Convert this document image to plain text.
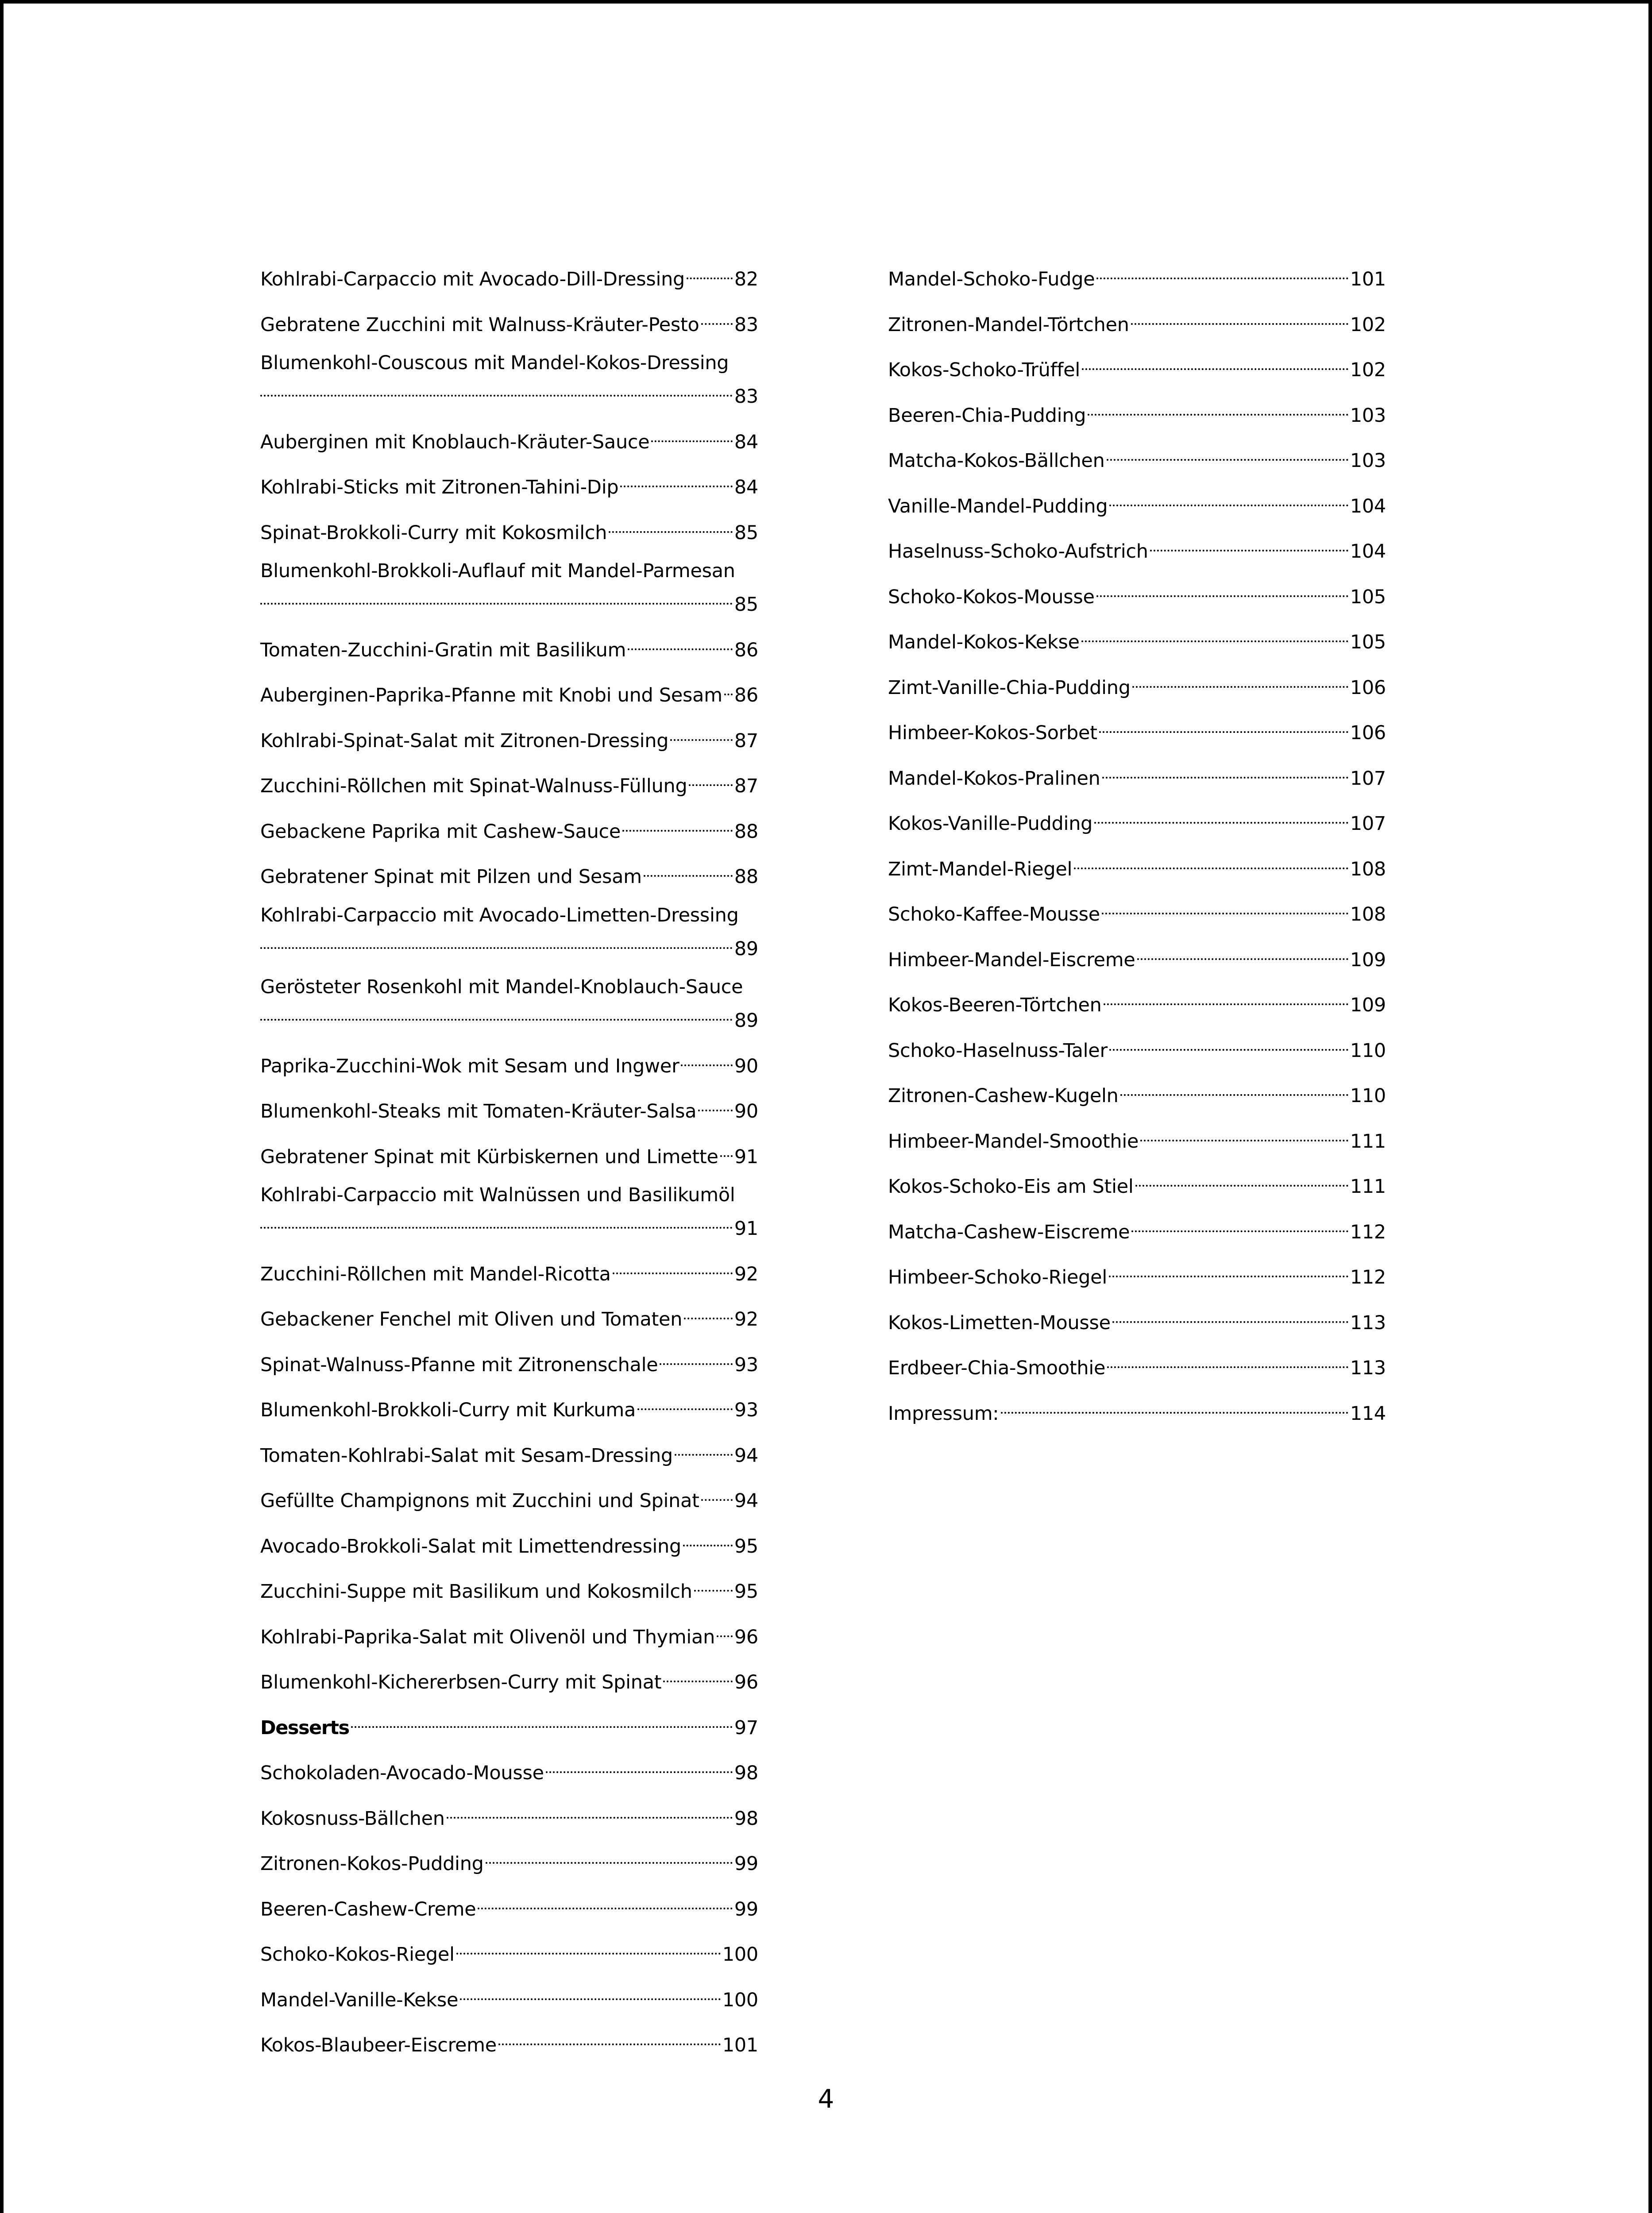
Kohlrabi-Carpaccio mit Avocado-Dill-Dressing	82
Gebratene Zucchini mit Walnuss-Kräuter-Pesto 83
Blumenkohl-Couscous mit Mandel-Kokos-Dressing
83
Auberginen mit Knoblauch-Kräuter-Sauce	84
Kohlrabi-Sticks mit Zitronen-Tahini-Dip	84
Spinat-Brokkoli-Curry mit Kokosmilch	85
Blumenkohl-Brokkoli-Auflauf mit Mandel-Parmesan
85
Tomaten-Zucchini-Gratin mit Basilikum	86
Auberginen-Paprika-Pfanne mit Knobi und Sesam 86
Kohlrabi-Spinat-Salat mit Zitronen-Dressing	87
Zucchini-Röllchen mit Spinat-Walnuss-Füllung 87
Gebackene Paprika mit Cashew-Sauce	88
Gebratener Spinat mit Pilzen und Sesam	88
Kohlrabi-Carpaccio mit Avocado-Limetten-Dressing
89
Gerösteter Rosenkohl mit Mandel-Knoblauch-Sauce
89
Paprika-Zucchini-Wok mit Sesam und Ingwer	90
Blumenkohl-Steaks mit Tomaten-Kräuter-Salsa 90
Gebratener Spinat mit Kürbiskernen und Limette 91
Kohlrabi-Carpaccio mit Walnüssen und Basilikumöl
91
Zucchini-Röllchen mit Mandel-Ricotta	92
Gebackener Fenchel mit Oliven und Tomaten	92
Spinat-Walnuss-Pfanne mit Zitronenschale	93
Blumenkohl-Brokkoli-Curry mit Kurkuma	93
Tomaten-Kohlrabi-Salat mit Sesam-Dressing	94
Gefüllte Champignons mit Zucchini und Spinat 94
Avocado-Brokkoli-Salat mit Limettendressing	95
Zucchini-Suppe mit Basilikum und Kokosmilch 95
Kohlrabi-Paprika-Salat mit Olivenöl und Thymian 96
Blumenkohl-Kichererbsen-Curry mit Spinat	96
Desserts	97
Schokoladen-Avocado-Mousse	98
Kokosnuss-Bällchen	98
Zitronen-Kokos-Pudding	99
Beeren-Cashew-Creme	99
Schoko-Kokos-Riegel	100
Mandel-Vanille-Kekse	100
Kokos-Blaubeer-Eiscreme	101
Mandel-Schoko-Fudge	101
Zitronen-Mandel-Törtchen	102
Kokos-Schoko-Trüffel	102
Beeren-Chia-Pudding	103
Matcha-Kokos-Bällchen	103
Vanille-Mandel-Pudding	104
Haselnuss-Schoko-Aufstrich	104
Schoko-Kokos-Mousse	105
Mandel-Kokos-Kekse	105
Zimt-Vanille-Chia-Pudding	106
Himbeer-Kokos-Sorbet	106
Mandel-Kokos-Pralinen	107
Kokos-Vanille-Pudding	107
Zimt-Mandel-Riegel	108
Schoko-Kaffee-Mousse	108
Himbeer-Mandel-Eiscreme	109
Kokos-Beeren-Törtchen	109
Schoko-Haselnuss-Taler	110
Zitronen-Cashew-Kugeln	110
Himbeer-Mandel-Smoothie	111
Kokos-Schoko-Eis am Stiel	111
Matcha-Cashew-Eiscreme	112
Himbeer-Schoko-Riegel	112
Kokos-Limetten-Mousse	113
Erdbeer-Chia-Smoothie	113
Impressum:	114
4
